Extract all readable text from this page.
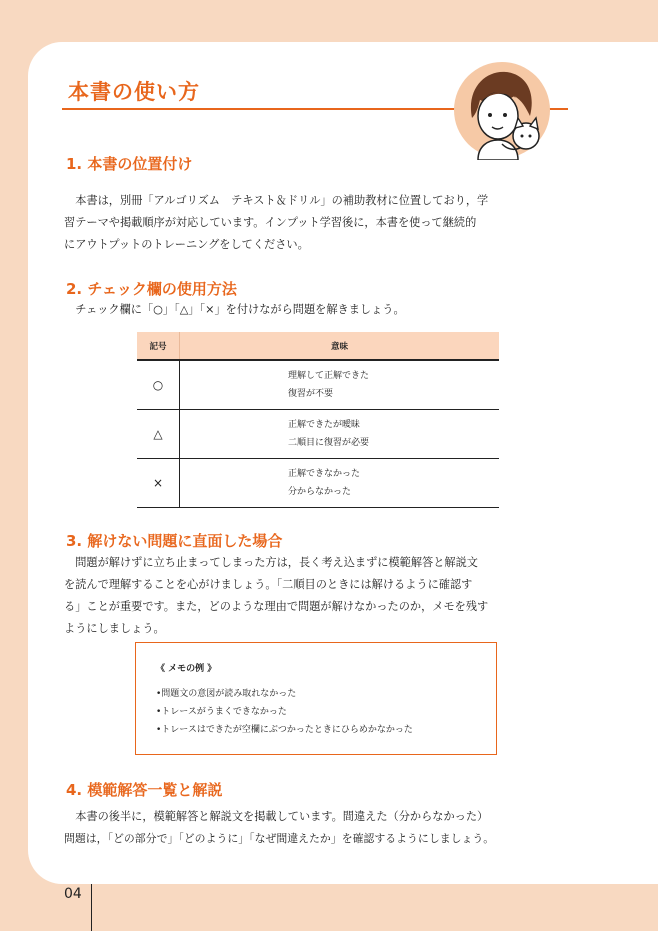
本書の使い方
1. 本書の位置付け
本書は，別冊「アルゴリズム　テキスト＆ドリル」の補助教材に位置しており，学
習テーマや掲載順序が対応しています。インプット学習後に，本書を使って継続的
にアウトプットのトレーニングをしてください。
2. チェック欄の使用方法
チェック欄に「○」「△」「×」を付けながら問題を解きましょう。
記号	意味
○	理解して正解できた
復習が不要

△	正解できたが曖昧
二順目に復習が必要

×	正解できなかった
分からなかった
3. 解けない問題に直面した場合
問題が解けずに立ち止まってしまった方は，長く考え込まずに模範解答と解説文
を読んで理解することを心がけましょう。「二順目のときには解けるように確認す
る」ことが重要です。また，どのような理由で問題が解けなかったのか，メモを残す
ようにしましょう。
《 メモの例 》
•問題文の意図が読み取れなかった
•トレースがうまくできなかった
•トレースはできたが空欄にぶつかったときにひらめかなかった
4. 模範解答一覧と解説
本書の後半に，模範解答と解説文を掲載しています。間違えた（分からなかった）
問題は，「どの部分で」「どのように」「なぜ間違えたか」を確認するようにしましょう。
04
